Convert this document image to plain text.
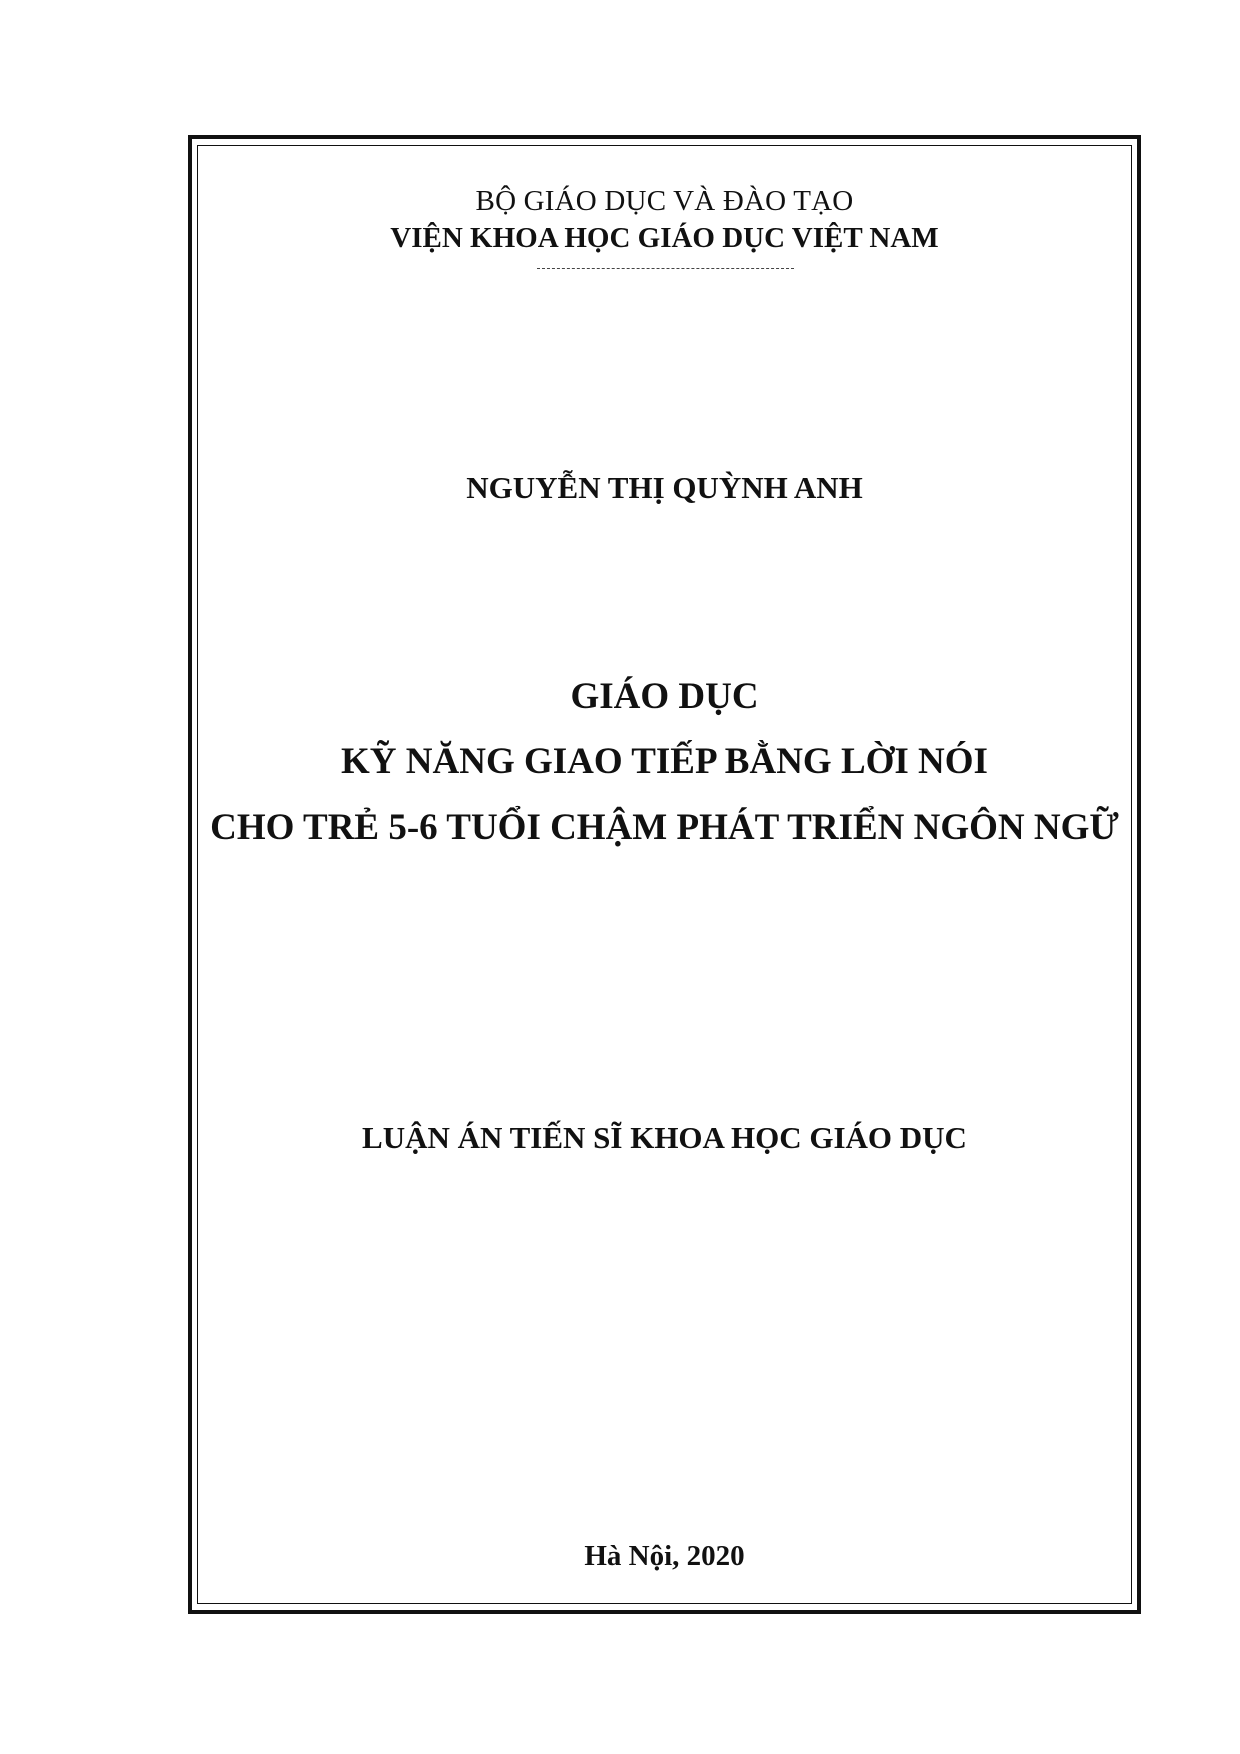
BỘ GIÁO DỤC VÀ ĐÀO TẠO

VIỆN KHOA HỌC GIÁO DỤC VIỆT NAM

NGUYỄN THỊ QUỲNH ANH

GIÁO DỤC

KỸ NĂNG GIAO TIẾP BẰNG LỜI NÓI

CHO TRẺ 5-6 TUỔI CHẬM PHÁT TRIỂN NGÔN NGỮ

LUẬN ÁN TIẾN SĨ KHOA HỌC GIÁO DỤC

Hà Nội, 2020
